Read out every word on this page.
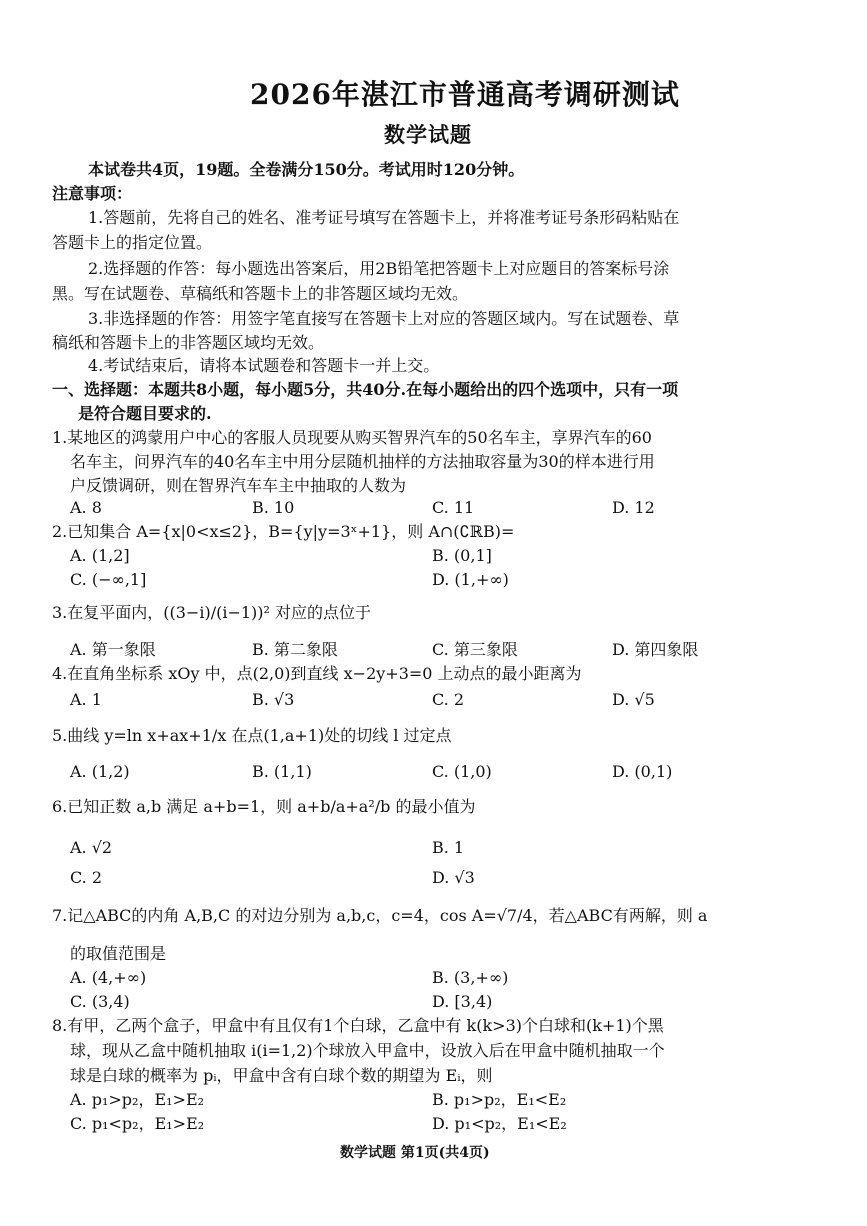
2026年湛江市普通高考调研测试
数学试题
本试卷共4页，19题。全卷满分150分。考试用时120分钟。
注意事项：
1.答题前，先将自己的姓名、准考证号填写在答题卡上，并将准考证号条形码粘贴在
答题卡上的指定位置。
2.选择题的作答：每小题选出答案后，用2B铅笔把答题卡上对应题目的答案标号涂
黑。写在试题卷、草稿纸和答题卡上的非答题区域均无效。
3.非选择题的作答：用签字笔直接写在答题卡上对应的答题区域内。写在试题卷、草
稿纸和答题卡上的非答题区域均无效。
4.考试结束后，请将本试题卷和答题卡一并上交。
一、选择题：本题共8小题，每小题5分，共40分.在每小题给出的四个选项中，只有一项
是符合题目要求的.
1.某地区的鸿蒙用户中心的客服人员现要从购买智界汽车的50名车主，享界汽车的60
名车主，问界汽车的40名车主中用分层随机抽样的方法抽取容量为30的样本进行用
户反馈调研，则在智界汽车车主中抽取的人数为
A. 8	B. 10	C. 11	D. 12
2.已知集合 A={x|0<x≤2}，B={y|y=3ˣ+1}，则 A∩(∁ℝB)=
A. (1,2]	B. (0,1]
C. (−∞,1]	D. (1,+∞)
3.在复平面内，((3−i)/(i−1))² 对应的点位于
A. 第一象限	B. 第二象限	C. 第三象限	D. 第四象限
4.在直角坐标系 xOy 中，点(2,0)到直线 x−2y+3=0 上动点的最小距离为
A. 1	B. √3	C. 2	D. √5
5.曲线 y=ln x+ax+1/x 在点(1,a+1)处的切线 l 过定点
A. (1,2)	B. (1,1)	C. (1,0)	D. (0,1)
6.已知正数 a,b 满足 a+b=1，则 a+b/a+a²/b 的最小值为
A. √2	B. 1
C. 2	D. √3
7.记△ABC的内角 A,B,C 的对边分别为 a,b,c，c=4，cos A=√7/4，若△ABC有两解，则 a
的取值范围是
A. (4,+∞)	B. (3,+∞)
C. (3,4)	D. [3,4)
8.有甲，乙两个盒子，甲盒中有且仅有1个白球，乙盒中有 k(k>3)个白球和(k+1)个黑
球，现从乙盒中随机抽取 i(i=1,2)个球放入甲盒中，设放入后在甲盒中随机抽取一个
球是白球的概率为 pᵢ，甲盒中含有白球个数的期望为 Eᵢ，则
A. p₁>p₂，E₁>E₂	B. p₁>p₂，E₁<E₂
C. p₁<p₂，E₁>E₂	D. p₁<p₂，E₁<E₂
数学试题 第1页(共4页)
